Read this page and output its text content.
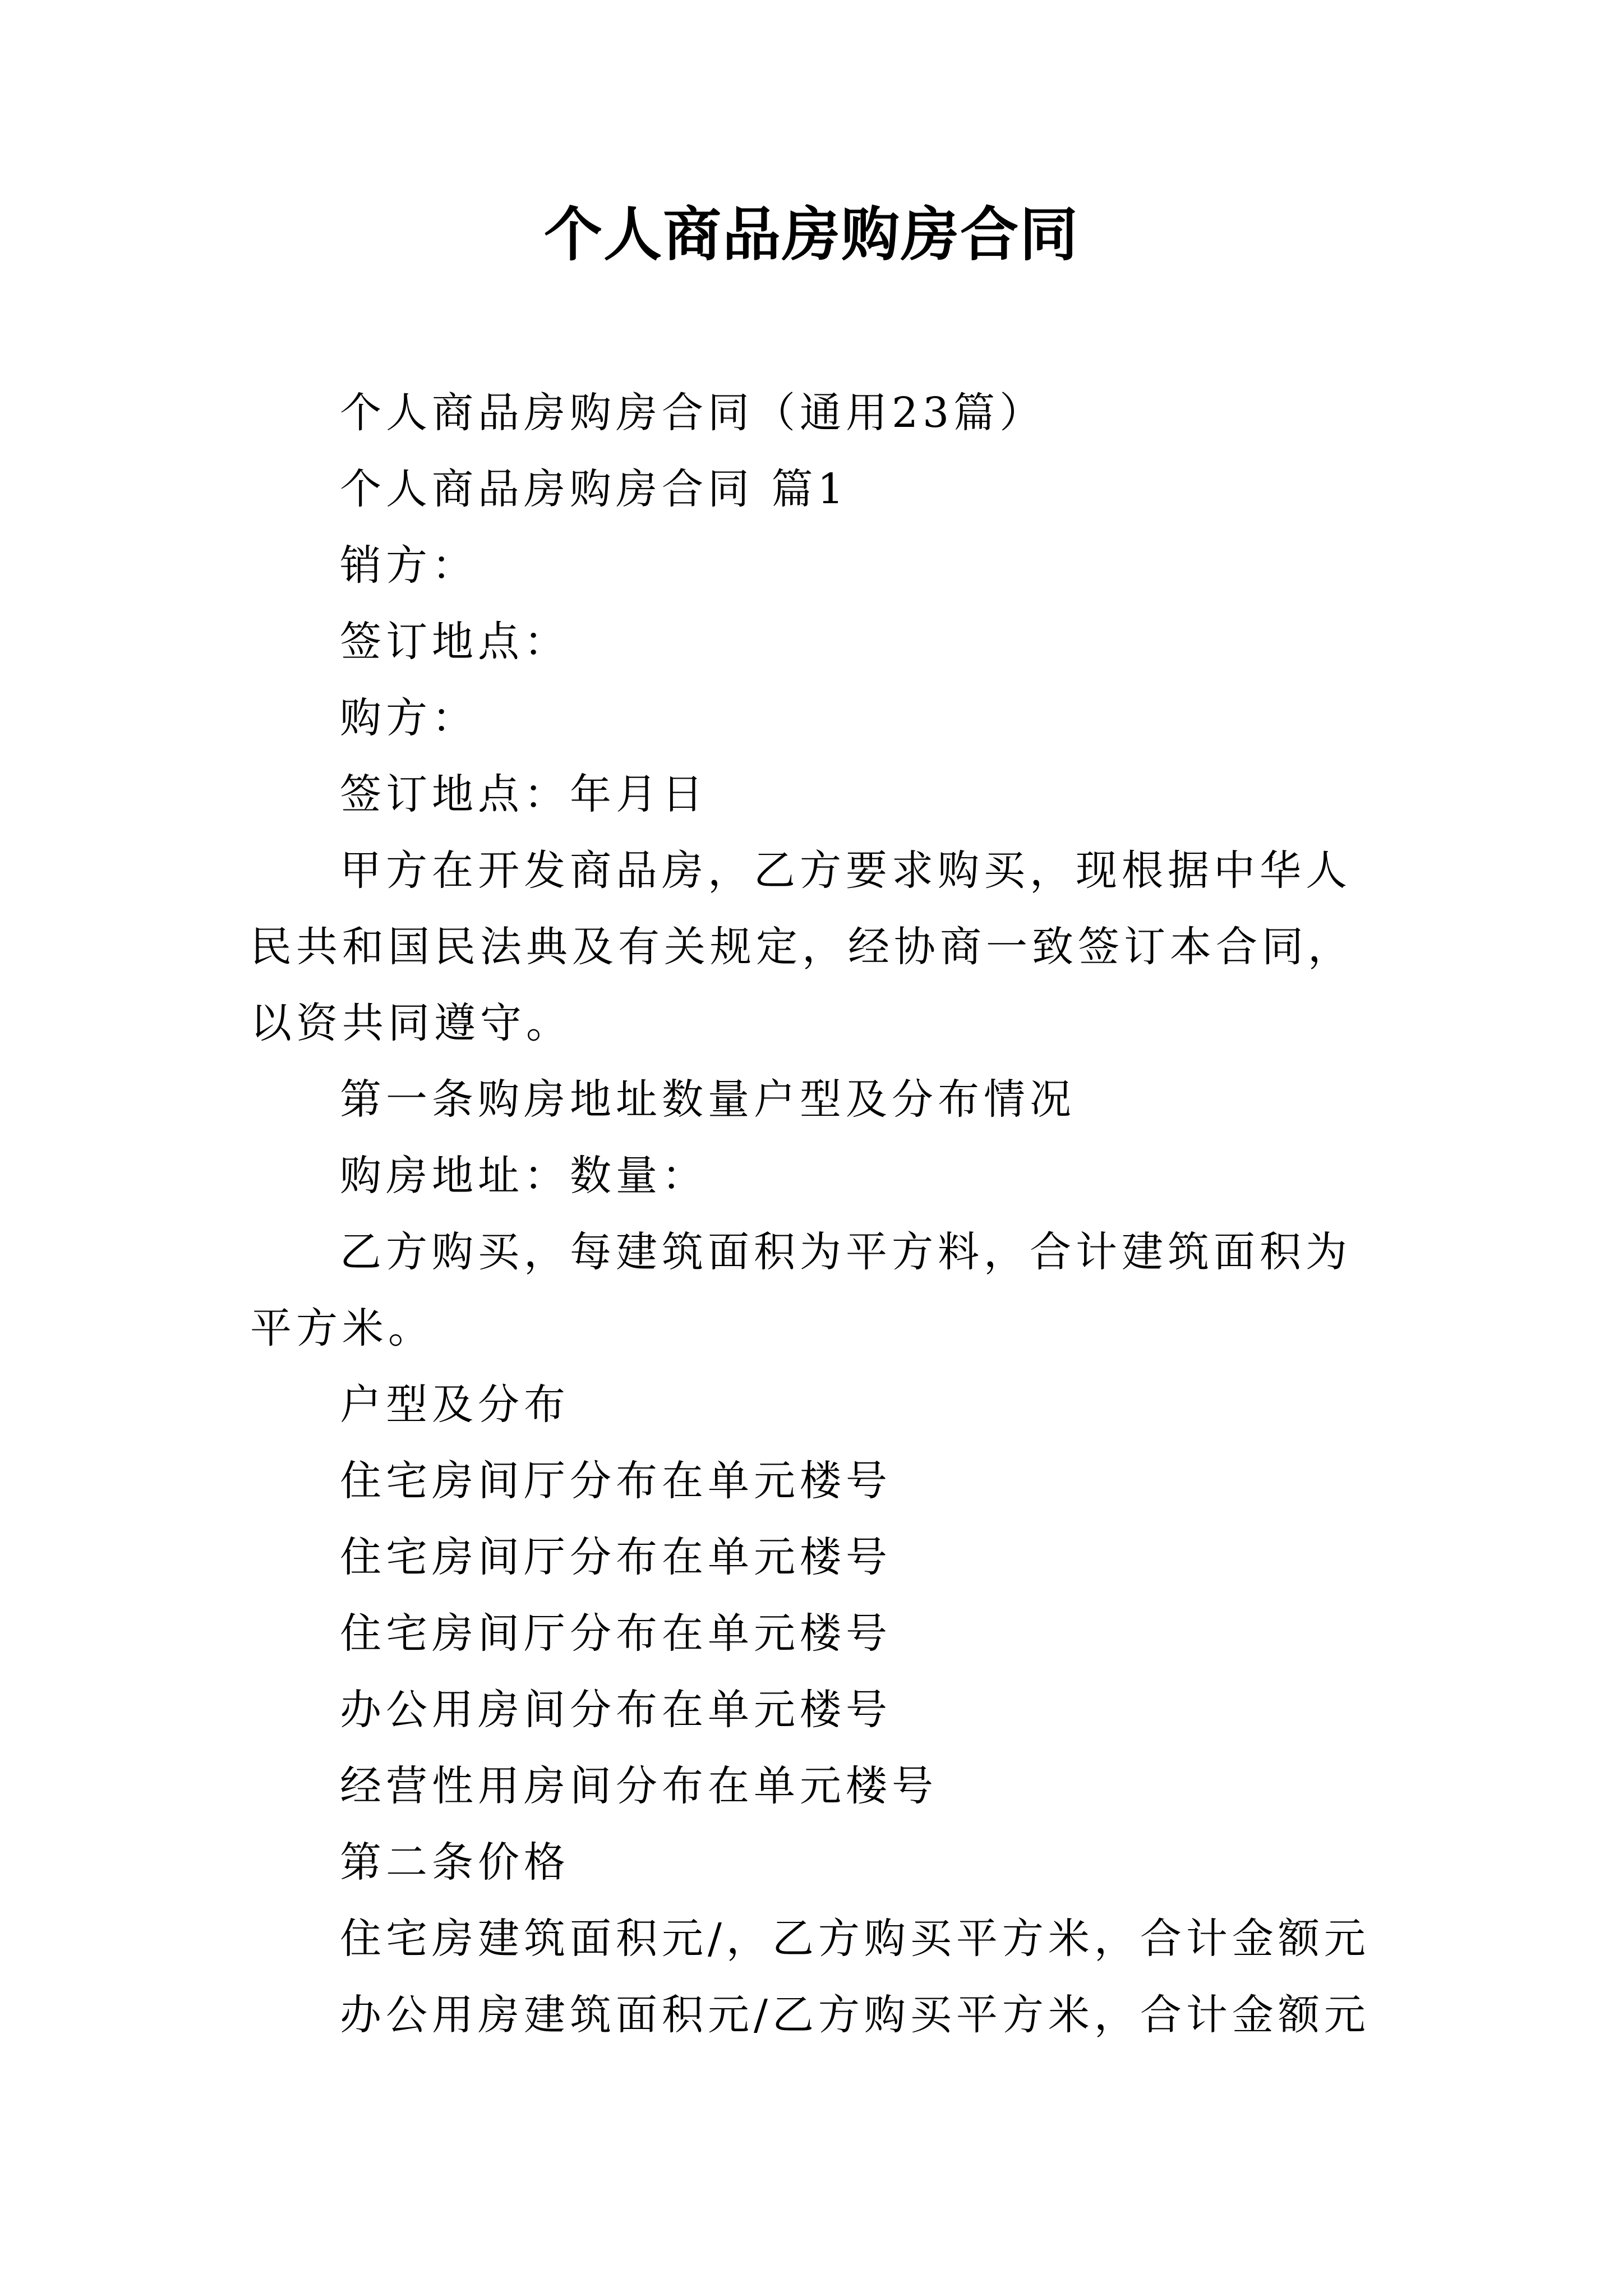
个人商品房购房合同

个人商品房购房合同（通用23篇）

个人商品房购房合同 篇1

销方：

签订地点：

购方：

签订地点：年月日

甲方在开发商品房，乙方要求购买，现根据中华人民共和国民法典及有关规定，经协商一致签订本合同，以资共同遵守。

第一条购房地址数量户型及分布情况

购房地址：数量：

乙方购买，每建筑面积为平方料，合计建筑面积为平方米。

户型及分布

住宅房间厅分布在单元楼号

住宅房间厅分布在单元楼号

住宅房间厅分布在单元楼号

办公用房间分布在单元楼号

经营性用房间分布在单元楼号

第二条价格

住宅房建筑面积元/，乙方购买平方米，合计金额元

办公用房建筑面积元/乙方购买平方米，合计金额元
